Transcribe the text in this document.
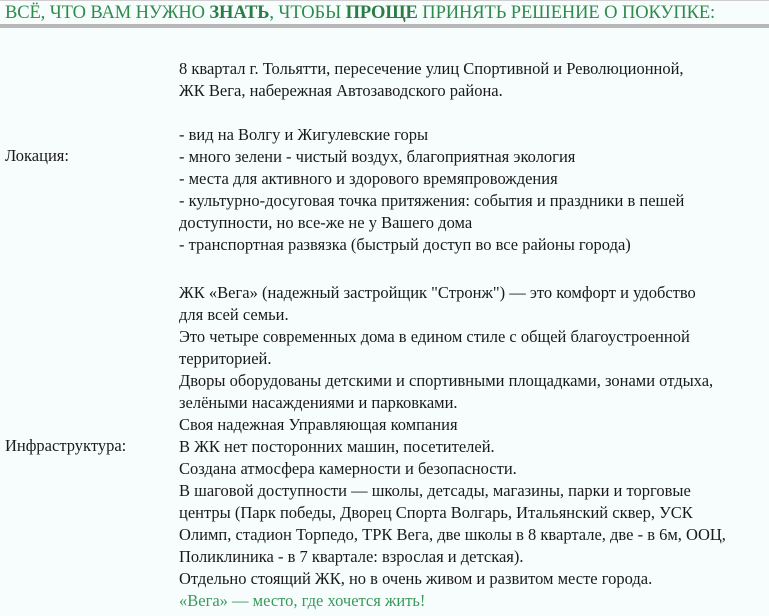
ВСЁ, ЧТО ВАМ НУЖНО ЗНАТЬ, ЧТОБЫ ПРОЩЕ ПРИНЯТЬ РЕШЕНИЕ О ПОКУПКЕ:
Локация:
8 квартал г. Тольятти, пересечение улиц Спортивной и Революционной,
ЖК Вега, набережная Автозаводского района.
- вид на Волгу и Жигулевские горы
- много зелени - чистый воздух, благоприятная экология
- места для активного и здорового времяпровождения
- культурно-досуговая точка притяжения: события и праздники в пешей
доступности, но все-же не у Вашего дома
- транспортная развязка (быстрый доступ во все районы города)
Инфраструктура:
ЖК «Вега» (надежный застройщик "Стронж") — это комфорт и удобство
для всей семьи.
Это четыре современных дома в едином стиле с общей благоустроенной
территорией.
Дворы оборудованы детскими и спортивными площадками, зонами отдыха,
зелёными насаждениями и парковками.
Своя надежная Управляющая компания
В ЖК нет посторонних машин, посетителей.
Создана атмосфера камерности и безопасности.
В шаговой доступности — школы, детсады, магазины, парки и торговые
центры (Парк победы, Дворец Спорта Волгарь, Итальянский сквер, УСК
Олимп, стадион Торпедо, ТРК Вега, две школы в 8 квартале, две - в 6м, ООЦ,
Поликлиника - в 7 квартале: взрослая и детская).
Отдельно стоящий ЖК, но в очень живом и развитом месте города.
«Вега» — место, где хочется жить!
